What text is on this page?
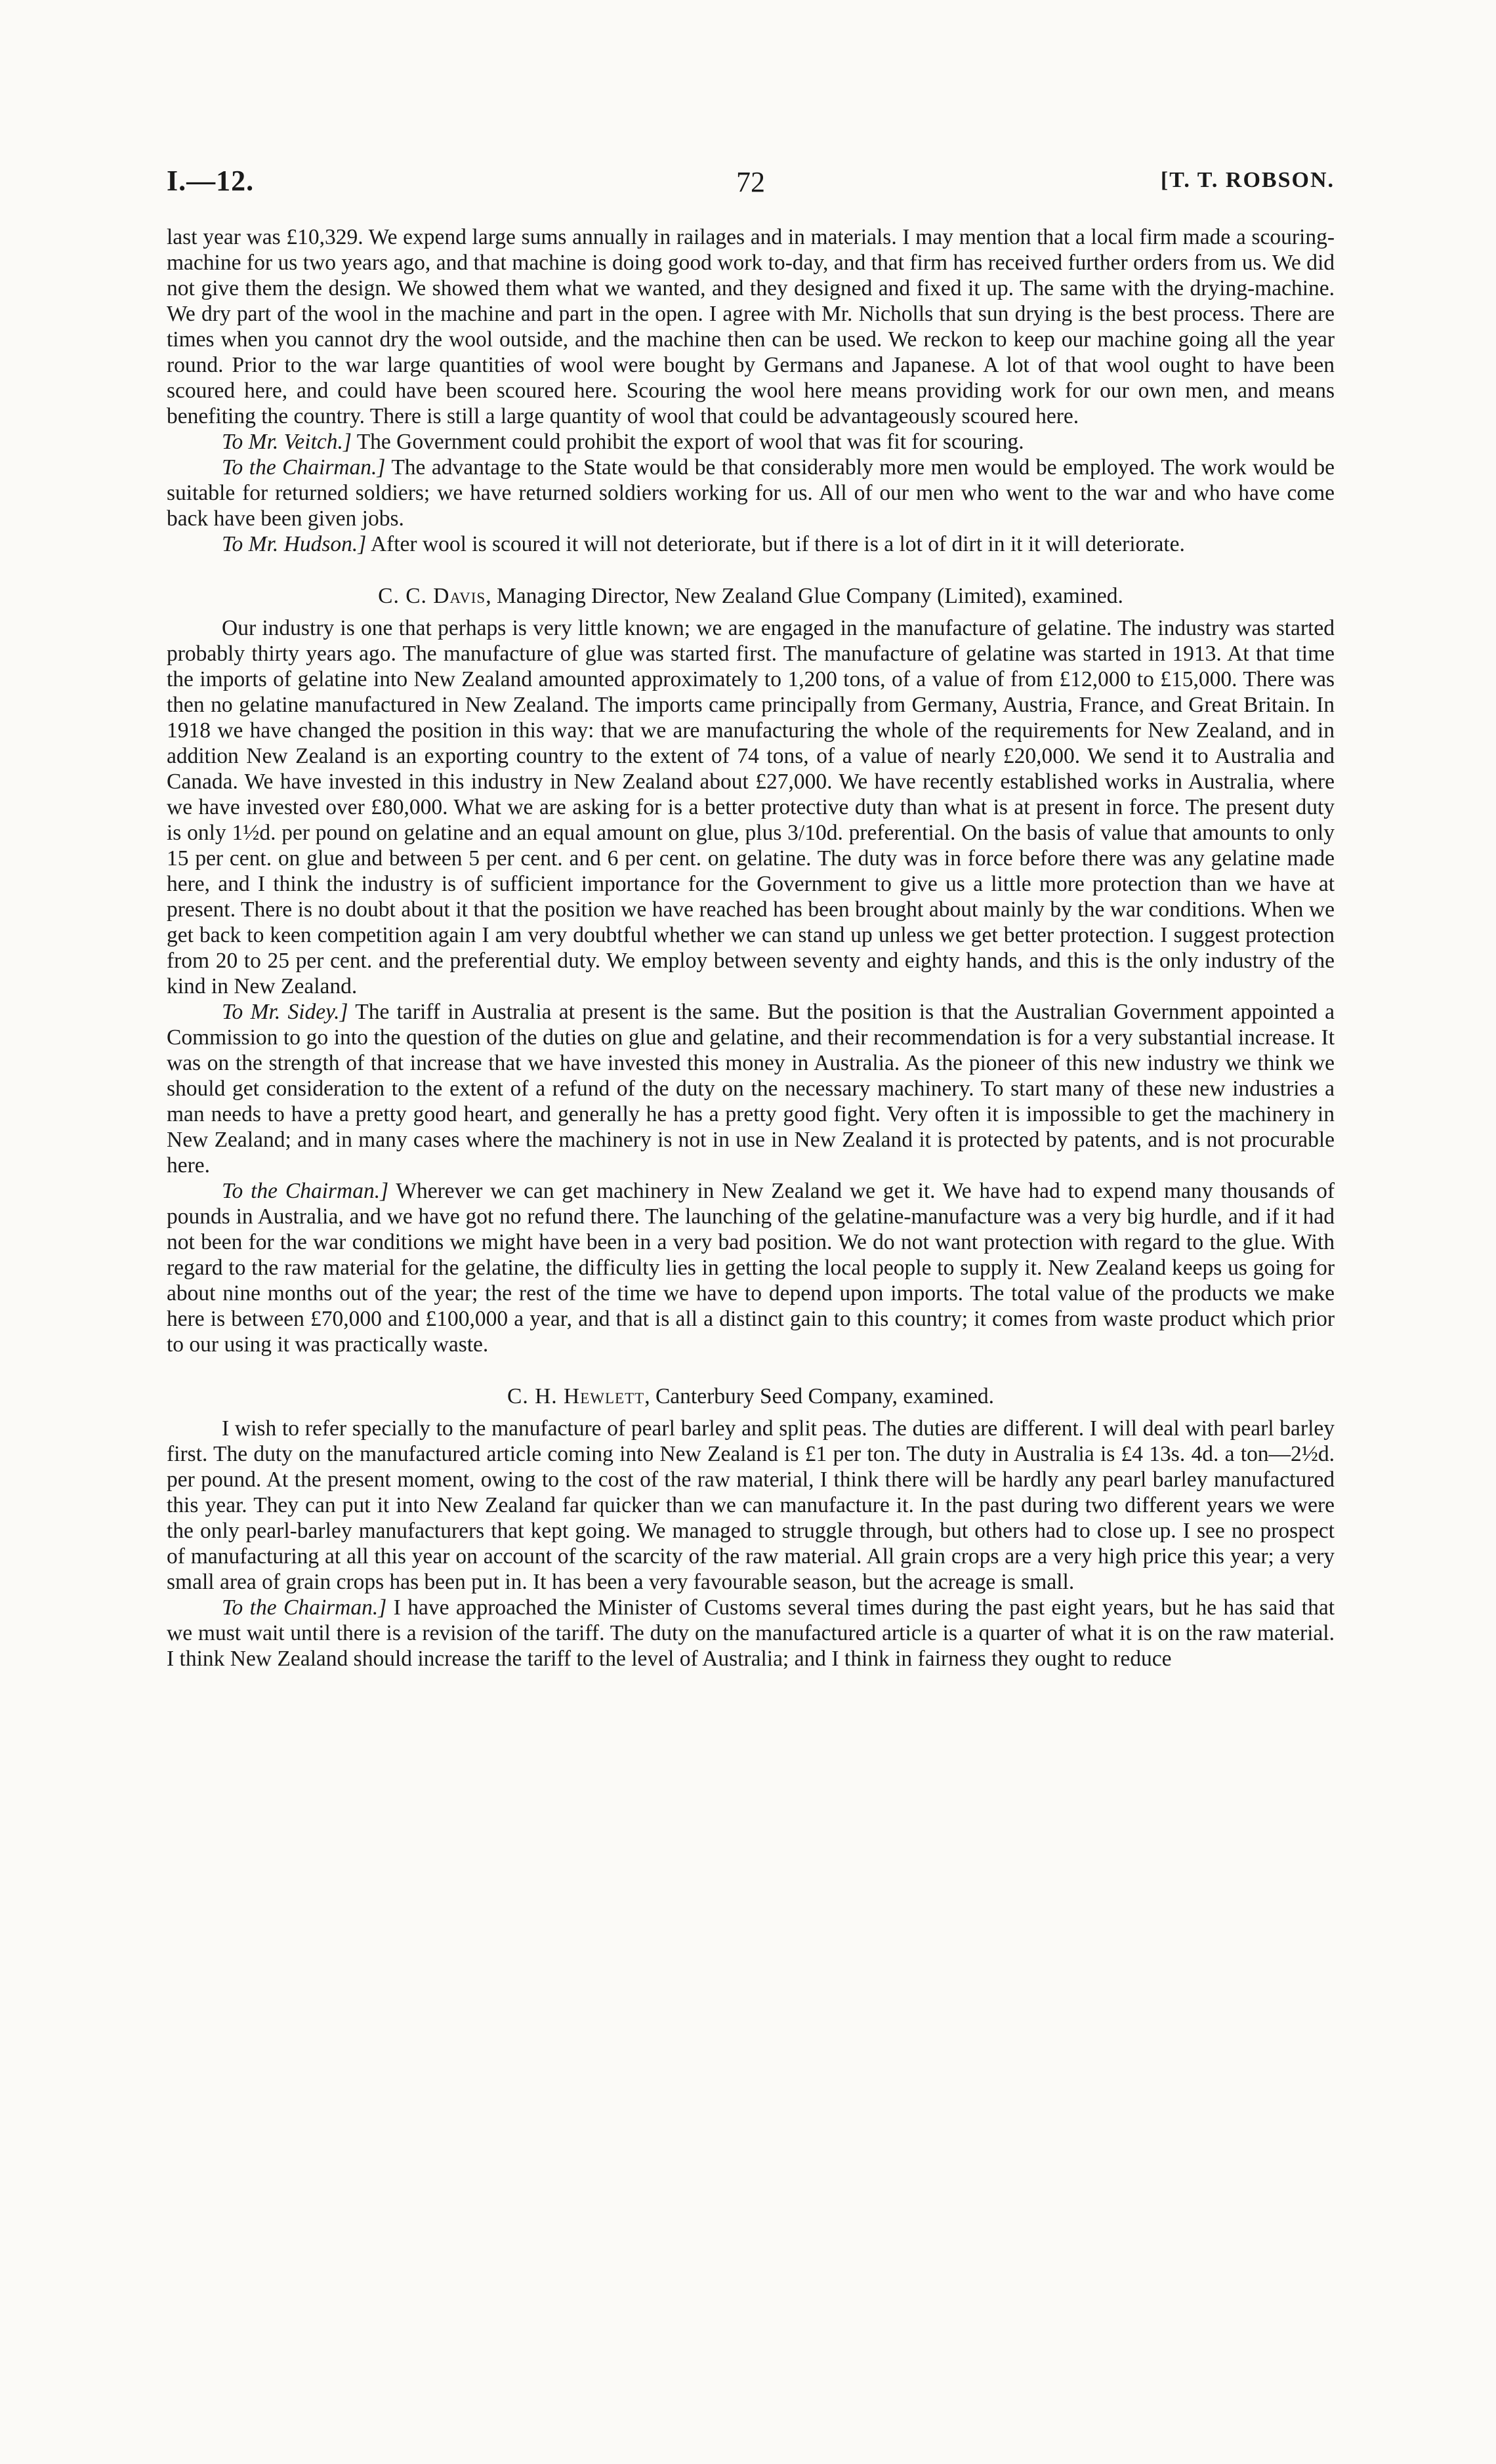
I.—12.	72	[T. T. ROBSON.

last year was £10,329. We expend large sums annually in railages and in materials. I may mention that a local firm made a scouring-machine for us two years ago, and that machine is doing good work to-day, and that firm has received further orders from us. We did not give them the design. We showed them what we wanted, and they designed and fixed it up. The same with the drying-machine. We dry part of the wool in the machine and part in the open. I agree with Mr. Nicholls that sun drying is the best process. There are times when you cannot dry the wool outside, and the machine then can be used. We reckon to keep our machine going all the year round. Prior to the war large quantities of wool were bought by Germans and Japanese. A lot of that wool ought to have been scoured here, and could have been scoured here. Scouring the wool here means providing work for our own men, and means benefiting the country. There is still a large quantity of wool that could be advantageously scoured here.

To Mr. Veitch.] The Government could prohibit the export of wool that was fit for scouring.

To the Chairman.] The advantage to the State would be that considerably more men would be employed. The work would be suitable for returned soldiers; we have returned soldiers working for us. All of our men who went to the war and who have come back have been given jobs.

To Mr. Hudson.] After wool is scoured it will not deteriorate, but if there is a lot of dirt in it it will deteriorate.

C. C. Davis, Managing Director, New Zealand Glue Company (Limited), examined.

Our industry is one that perhaps is very little known; we are engaged in the manufacture of gelatine. The industry was started probably thirty years ago. The manufacture of glue was started first. The manufacture of gelatine was started in 1913. At that time the imports of gelatine into New Zealand amounted approximately to 1,200 tons, of a value of from £12,000 to £15,000. There was then no gelatine manufactured in New Zealand. The imports came principally from Germany, Austria, France, and Great Britain. In 1918 we have changed the position in this way: that we are manufacturing the whole of the requirements for New Zealand, and in addition New Zealand is an exporting country to the extent of 74 tons, of a value of nearly £20,000. We send it to Australia and Canada. We have invested in this industry in New Zealand about £27,000. We have recently established works in Australia, where we have invested over £80,000. What we are asking for is a better protective duty than what is at present in force. The present duty is only 1½d. per pound on gelatine and an equal amount on glue, plus 3/10d. preferential. On the basis of value that amounts to only 15 per cent. on glue and between 5 per cent. and 6 per cent. on gelatine. The duty was in force before there was any gelatine made here, and I think the industry is of sufficient importance for the Government to give us a little more protection than we have at present. There is no doubt about it that the position we have reached has been brought about mainly by the war conditions. When we get back to keen competition again I am very doubtful whether we can stand up unless we get better protection. I suggest protection from 20 to 25 per cent. and the preferential duty. We employ between seventy and eighty hands, and this is the only industry of the kind in New Zealand.

To Mr. Sidey.] The tariff in Australia at present is the same. But the position is that the Australian Government appointed a Commission to go into the question of the duties on glue and gelatine, and their recommendation is for a very substantial increase. It was on the strength of that increase that we have invested this money in Australia. As the pioneer of this new industry we think we should get consideration to the extent of a refund of the duty on the necessary machinery. To start many of these new industries a man needs to have a pretty good heart, and generally he has a pretty good fight. Very often it is impossible to get the machinery in New Zealand; and in many cases where the machinery is not in use in New Zealand it is protected by patents, and is not procurable here.

To the Chairman.] Wherever we can get machinery in New Zealand we get it. We have had to expend many thousands of pounds in Australia, and we have got no refund there. The launching of the gelatine-manufacture was a very big hurdle, and if it had not been for the war conditions we might have been in a very bad position. We do not want protection with regard to the glue. With regard to the raw material for the gelatine, the difficulty lies in getting the local people to supply it. New Zealand keeps us going for about nine months out of the year; the rest of the time we have to depend upon imports. The total value of the products we make here is between £70,000 and £100,000 a year, and that is all a distinct gain to this country; it comes from waste product which prior to our using it was practically waste.

C. H. Hewlett, Canterbury Seed Company, examined.

I wish to refer specially to the manufacture of pearl barley and split peas. The duties are different. I will deal with pearl barley first. The duty on the manufactured article coming into New Zealand is £1 per ton. The duty in Australia is £4 13s. 4d. a ton—2½d. per pound. At the present moment, owing to the cost of the raw material, I think there will be hardly any pearl barley manufactured this year. They can put it into New Zealand far quicker than we can manufacture it. In the past during two different years we were the only pearl-barley manufacturers that kept going. We managed to struggle through, but others had to close up. I see no prospect of manufacturing at all this year on account of the scarcity of the raw material. All grain crops are a very high price this year; a very small area of grain crops has been put in. It has been a very favourable season, but the acreage is small.

To the Chairman.] I have approached the Minister of Customs several times during the past eight years, but he has said that we must wait until there is a revision of the tariff. The duty on the manufactured article is a quarter of what it is on the raw material. I think New Zealand should increase the tariff to the level of Australia; and I think in fairness they ought to reduce
